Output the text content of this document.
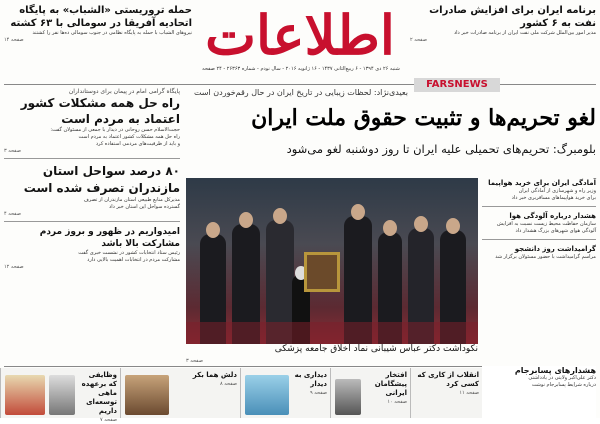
حمله تروریستی «الشباب» به پایگاه اتحادیه آفریقا در سومالی با ۶۳ کشته
نیروهای الشباب با حمله به پایگاه نظامی در جنوب سومالی ده‌ها نفر را کشتند
صفحه ۱۴	اطلاعات
شنبه ۲۶ دی ۱۳۹۴ - ۶ ربیع‌الثانی ۱۴۳۷ - ۱۶ ژانویه ۲۰۱۶ - سال نودم - شماره ۲۶۳۶۳ - ۲۴ صفحه
برنامه ایران برای افزایش صادرات نفت به ۶ کشور
مدیر امور بین‌الملل شرکت ملی نفت ایران از برنامه صادرات خبر داد
صفحه ۲
پایگاه گرامی امام در پیمان برای دوستانداران
راه حل همه مشکلات کشور اعتماد به مردم است

حجت‌الاسلام حسن روحانی در دیدار با جمعی از مسئولان گفت:

راه حل همه مشکلات کشور اعتماد به مردم است

و باید از ظرفیت‌های مردمی استفاده کرد

صفحه ۳
۸۰ درصد سواحل استان مازندران تصرف شده است

مدیرکل منابع طبیعی استان مازندران از تصرف

گسترده سواحل این استان خبر داد

صفحه ۴
امیدواریم در ظهور و بروز مردم مشارکت بالا باشد

رئیس ستاد انتخابات کشور در نشست خبری گفت

مشارکت مردم در انتخابات اهمیت بالایی دارد

صفحه ۱۲
FARSNEWS
بعیدی‌نژاد: لحظات زیبایی در تاریخ ایران در حال رقم‌خوردن است
لغو تحریم‌ها و تثبیت حقوق ملت ایران
بلومبرگ: تحریم‌های تحمیلی علیه ایران تا روز دوشنبه لغو می‌شود
نکوداشت دکتر عباس شیبانی نماد اخلاق جامعه پزشکی
صفحه ۳
آمادگی ایران برای خرید هواپیما

وزیر راه و شهرسازی از آمادگی ایران

برای خرید هواپیماهای مسافربری خبر داد

هشدار درباره آلودگی هوا

سازمان حفاظت محیط زیست نسبت به افزایش

آلودگی هوای شهرهای بزرگ هشدار داد

گرامیداشت روز دانشجو

مراسم گرامیداشت با حضور مسئولان برگزار شد

وظایفی که برعهده ماهی توسعه‌ای داریم
صفحه ۷
دلش هما بکر
صفحه ۸
دیداری به دیدار
صفحه ۹
افتخار پیشگامان ایرانی
صفحه ۱۰
انقلاب از کاری که کسی کرد
صفحه ۱۱
هشدارهای پسابرجام

دکتر علی‌اکبر ولایتی در یادداشتی

درباره شرایط پسابرجام نوشت
